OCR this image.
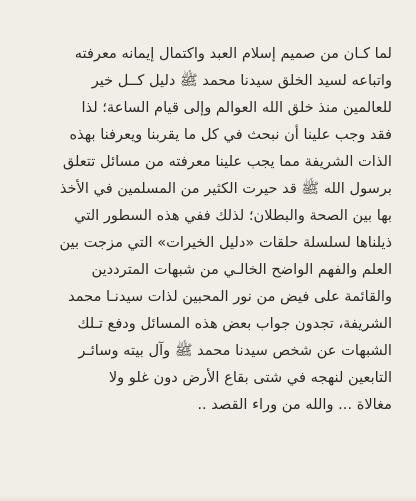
لما كـان من صميم إسلام العبد واكتمال إيمانه معرفته
واتباعه لسيد الخلق سيدنا محمد ﷺ دليل كــل خير
للعالمين منذ خلق الله العوالم وإلى قيام الساعة؛ لذا
فقد وجب علينا أن نبحث في كل ما يقربنا ويعرفنا بهذه
الذات الشريفة مما يجب علينا معرفته من مسائل تتعلق
برسول الله ﷺ قد حيرت الكثير من المسلمين في الأخذ
بها بين الصحة والبطلان؛ لذلك ففي هذه السطور التي
ذيلناها لسلسلة حلقات «دليل الخيرات» التي مزجت بين
العلم والفهم الواضح الخالـي من شبهات المترددين
والقائمة على فيض من نور المحبين لذات سيدنـا محمد
الشريفة، تجدون جواب بعض هذه المسائل ودفع تـلك
الشبهات عن شخص سيدنا محمد ﷺ وآل بيته وسائـر
التابعين لنهجه في شتى بقاع الأرض دون غلو ولا
مغالاة ... والله من وراء القصد ..
